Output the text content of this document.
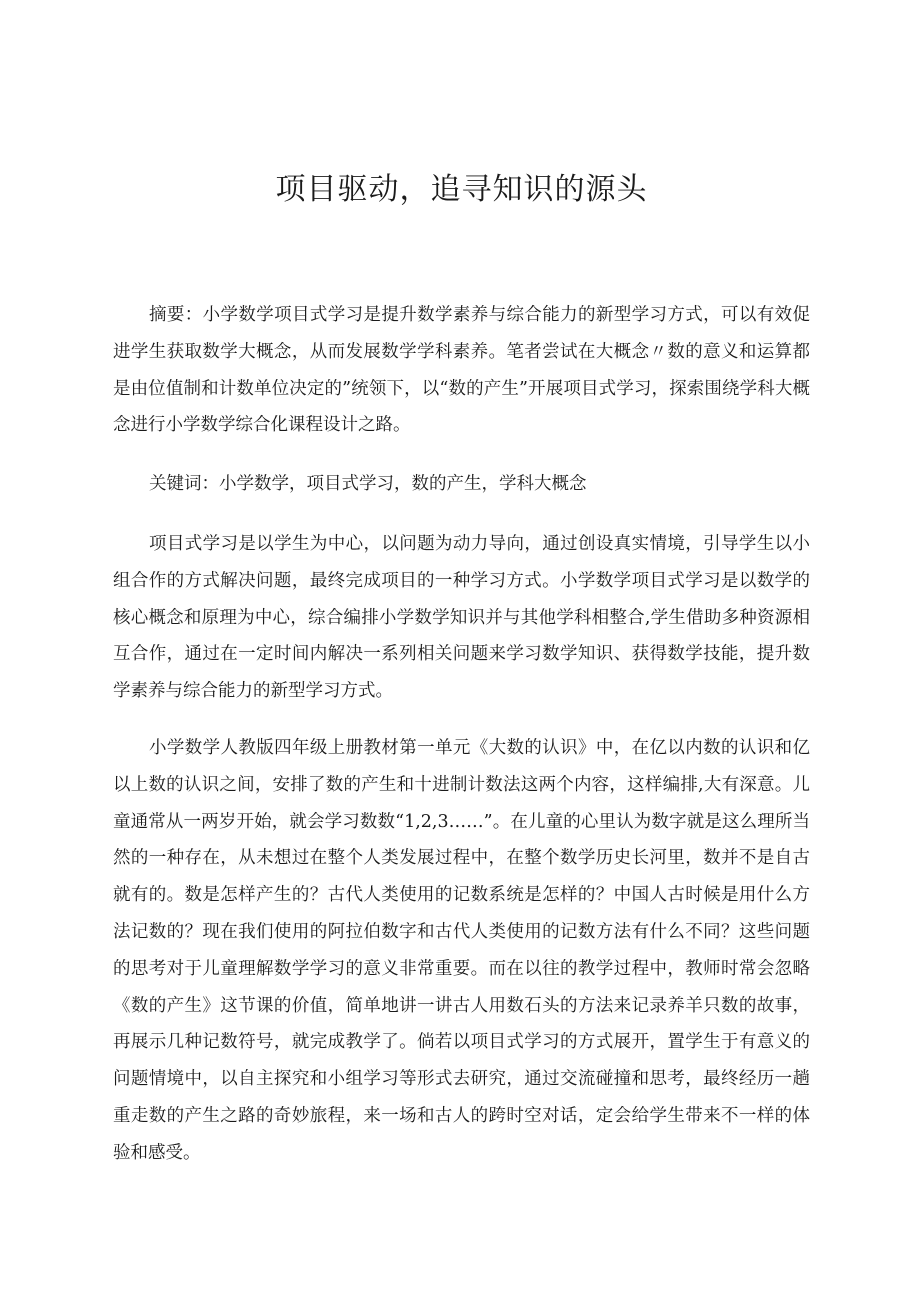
项目驱动，追寻知识的源头

摘要：小学数学项目式学习是提升数学素养与综合能力的新型学习方式，可以有效促进学生获取数学大概念，从而发展数学学科素养。笔者尝试在大概念〃数的意义和运算都是由位值制和计数单位决定的”统领下，以“数的产生”开展项目式学习，探索围绕学科大概念进行小学数学综合化课程设计之路。

关键词：小学数学，项目式学习，数的产生，学科大概念

项目式学习是以学生为中心，以问题为动力导向，通过创设真实情境，引导学生以小组合作的方式解决问题，最终完成项目的一种学习方式。小学数学项目式学习是以数学的核心概念和原理为中心，综合编排小学数学知识并与其他学科相整合,学生借助多种资源相互合作，通过在一定时间内解决一系列相关问题来学习数学知识、获得数学技能，提升数学素养与综合能力的新型学习方式。

小学数学人教版四年级上册教材第一单元《大数的认识》中，在亿以内数的认识和亿以上数的认识之间，安排了数的产生和十进制计数法这两个内容，这样编排,大有深意。儿童通常从一两岁开始，就会学习数数“1,2,3……”。在儿童的心里认为数字就是这么理所当然的一种存在，从未想过在整个人类发展过程中，在整个数学历史长河里，数并不是自古就有的。数是怎样产生的？古代人类使用的记数系统是怎样的？中国人古时候是用什么方法记数的？现在我们使用的阿拉伯数字和古代人类使用的记数方法有什么不同？这些问题的思考对于儿童理解数学学习的意义非常重要。而在以往的教学过程中，教师时常会忽略《数的产生》这节课的价值，简单地讲一讲古人用数石头的方法来记录养羊只数的故事，再展示几种记数符号，就完成教学了。倘若以项目式学习的方式展开，置学生于有意义的问题情境中，以自主探究和小组学习等形式去研究，通过交流碰撞和思考，最终经历一趟重走数的产生之路的奇妙旅程，来一场和古人的跨时空对话，定会给学生带来不一样的体验和感受。
